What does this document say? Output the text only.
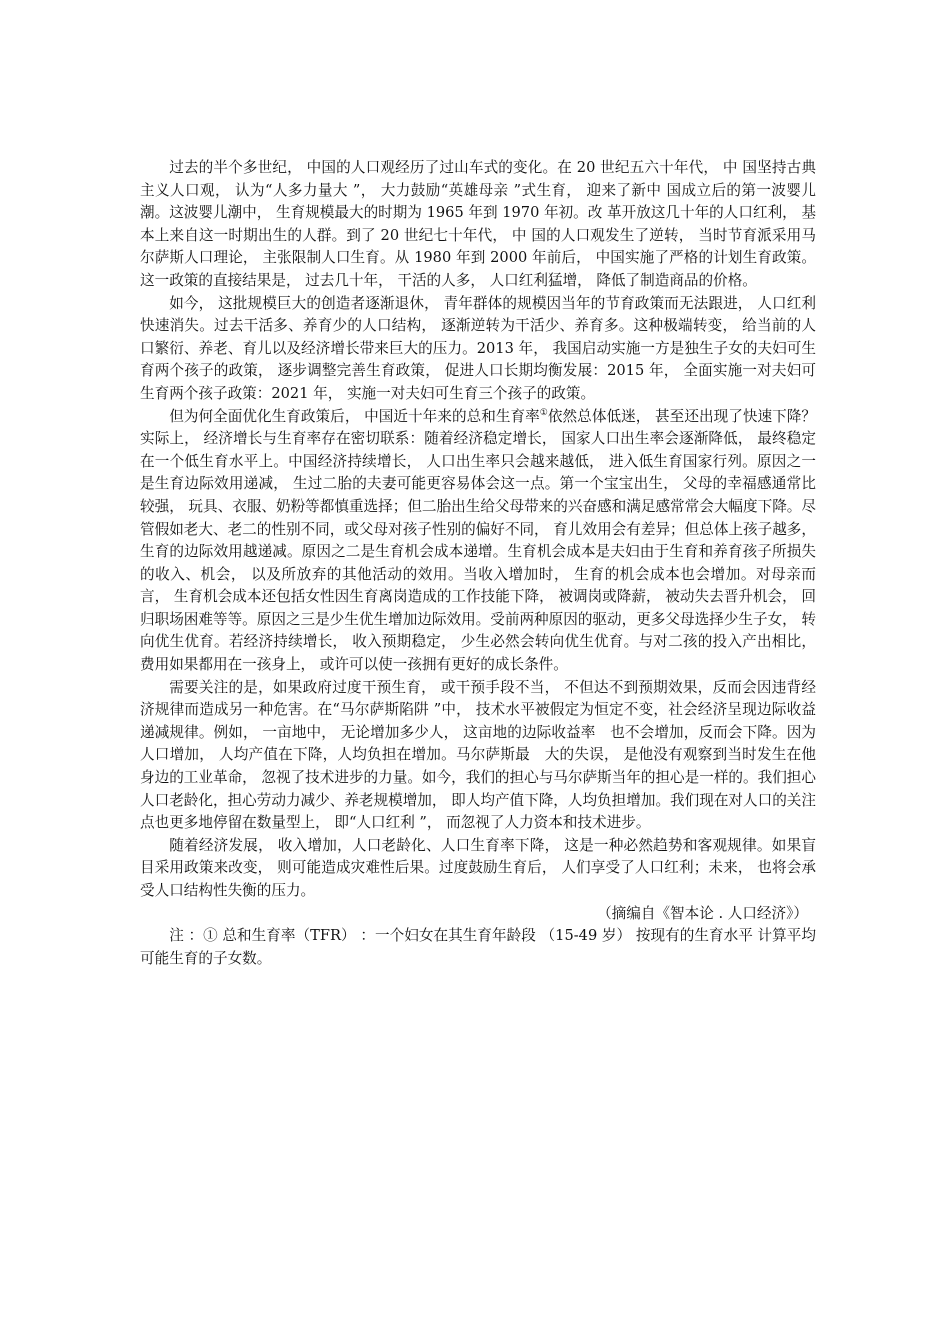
过去的半个多世纪， 中国的人口观经历了过山车式的变化。在 20 世纪五六十年代， 中 国坚持古典主义人口观， 认为“人多力量大 ”， 大力鼓励“英雄母亲 ”式生育， 迎来了新中 国成立后的第一波婴儿潮。这波婴儿潮中， 生育规模最大的时期为 1965 年到 1970 年初。改 革开放这几十年的人口红利， 基本上来自这一时期出生的人群。到了 20 世纪七十年代， 中 国的人口观发生了逆转， 当时节育派采用马尔萨斯人口理论， 主张限制人口生育。从 1980 年到 2000 年前后， 中国实施了严格的计划生育政策。这一政策的直接结果是， 过去几十年， 干活的人多， 人口红利猛增， 降低了制造商品的价格。

如今， 这批规模巨大的创造者逐渐退休， 青年群体的规模因当年的节育政策而无法跟进， 人口红利快速消失。过去干活多、养育少的人口结构， 逐渐逆转为干活少、养育多。这种极端转变， 给当前的人口繁衍、养老、育儿以及经济增长带来巨大的压力。2013 年， 我国启动实施一方是独生子女的夫妇可生育两个孩子的政策， 逐步调整完善生育政策， 促进人口长期均衡发展：2015 年， 全面实施一对夫妇可生育两个孩子政策：2021 年， 实施一对夫妇可生育三个孩子的政策。

但为何全面优化生育政策后， 中国近十年来的总和生育率①依然总体低迷， 甚至还出现了快速下降？实际上， 经济增长与生育率存在密切联系：随着经济稳定增长， 国家人口出生率会逐渐降低， 最终稳定在一个低生育水平上。中国经济持续增长， 人口出生率只会越来越低， 进入低生育国家行列。原因之一是生育边际效用递减， 生过二胎的夫妻可能更容易体会这一点。第一个宝宝出生， 父母的幸福感通常比较强， 玩具、衣服、奶粉等都慎重选择；但二胎出生给父母带来的兴奋感和满足感常常会大幅度下降。尽管假如老大、老二的性别不同，或父母对孩子性别的偏好不同， 育儿效用会有差异；但总体上孩子越多， 生育的边际效用越递减。原因之二是生育机会成本递增。生育机会成本是夫妇由于生育和养育孩子所损失的收入、机会， 以及所放弃的其他活动的效用。当收入增加时， 生育的机会成本也会增加。对母亲而言， 生育机会成本还包括女性因生育离岗造成的工作技能下降， 被调岗或降薪， 被动失去晋升机会， 回归职场困难等等。原因之三是少生优生增加边际效用。受前两种原因的驱动，更多父母选择少生子女， 转向优生优育。若经济持续增长， 收入预期稳定， 少生必然会转向优生优育。与对二孩的投入产出相比， 费用如果都用在一孩身上， 或许可以使一孩拥有更好的成长条件。

需要关注的是，如果政府过度干预生育， 或干预手段不当， 不但达不到预期效果，反而会因违背经济规律而造成另一种危害。在“马尔萨斯陷阱 ”中， 技术水平被假定为恒定不变，社会经济呈现边际收益递减规律。例如， 一亩地中， 无论增加多少人， 这亩地的边际收益率　也不会增加，反而会下降。因为人口增加， 人均产值在下降，人均负担在增加。马尔萨斯最　大的失误， 是他没有观察到当时发生在他身边的工业革命， 忽视了技术进步的力量。如今，我们的担心与马尔萨斯当年的担心是一样的。我们担心人口老龄化，担心劳动力减少、养老规模增加， 即人均产值下降，人均负担增加。我们现在对人口的关注点也更多地停留在数量型上， 即“人口红利 ”， 而忽视了人力资本和技术进步。

随着经济发展， 收入增加，人口老龄化、人口生育率下降， 这是一种必然趋势和客观规律。如果盲目采用政策来改变， 则可能造成灾难性后果。过度鼓励生育后， 人们享受了人口红利；未来， 也将会承受人口结构性失衡的压力。

（摘编自《智本论 . 人口经济》）

注 ：① 总和生育率（TFR） ：一个妇女在其生育年龄段 （15-49 岁） 按现有的生育水平 计算平均可能生育的子女数。
